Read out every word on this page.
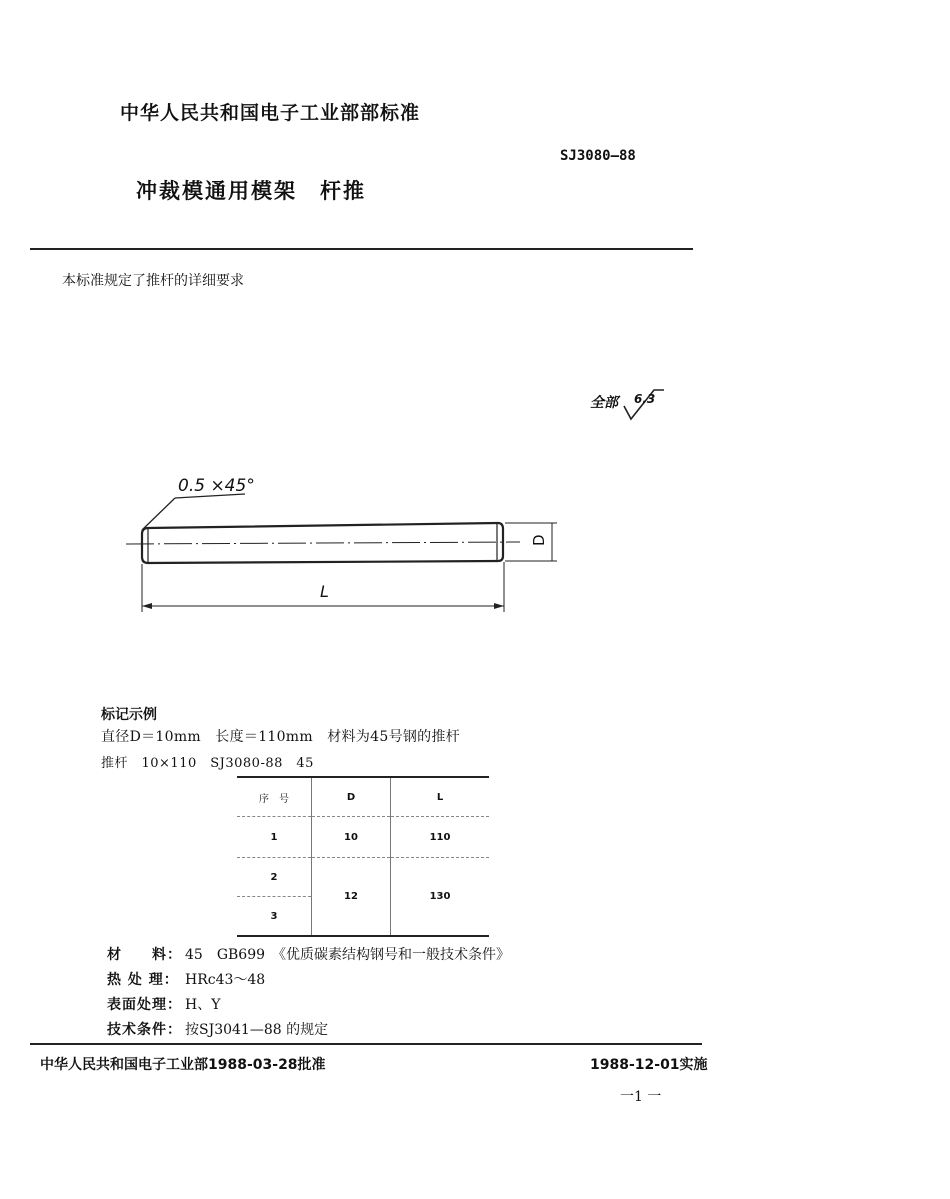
中华人民共和国电子工业部部标准
SJ3080—88
冲裁模通用模架　杆推
本标准规定了推杆的详细要求
全部 6.3
0.5 ×45°
D
L
标记示例
直径D＝10mm　长度＝110mm　材料为45号钢的推杆
推杆　10×110　SJ3080-88　45
序　号	D	L
1	10	110
2	12	130
3		
材　　料： 45　GB699　《优质碳素结构钢号和一般技术条件》
热 处 理： HRc43～48
表面处理： H、Y
技术条件： 按SJ3041—88 的规定
中华人民共和国电子工业部1988-03-28批准	1988-12-01实施
一1 一
